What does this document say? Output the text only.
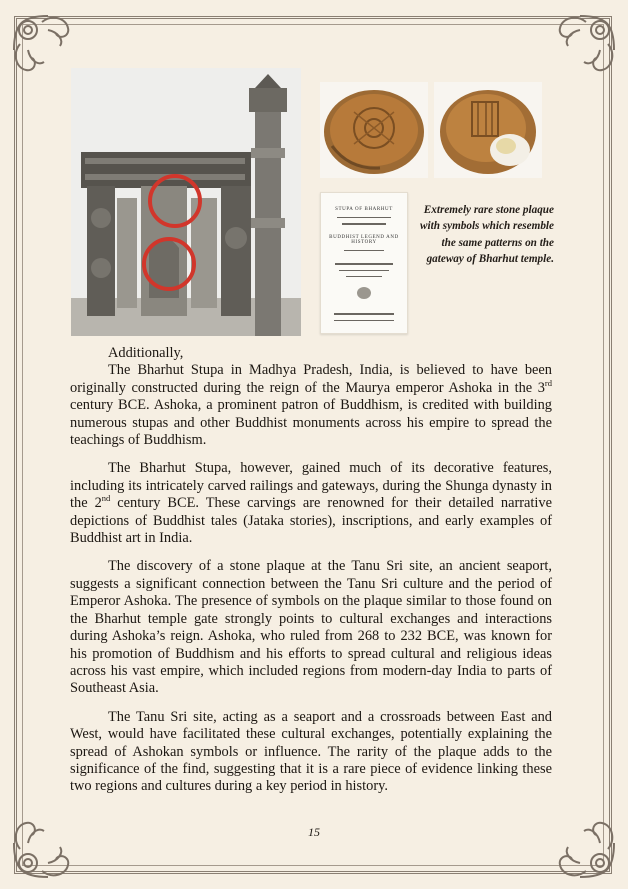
STUPA OF BHARHUT
BUDDHIST LEGEND AND HISTORY
Extremely rare stone plaque with symbols which resemble the same patterns on the gateway of Bharhut temple.

Additionally,

The Bharhut Stupa in Madhya Pradesh, India, is believed to have been originally constructed during the reign of the Maurya emperor Ashoka in the 3rd century BCE. Ashoka, a prominent patron of Buddhism, is credited with building numerous stupas and other Buddhist monuments across his empire to spread the teachings of Buddhism.

The Bharhut Stupa, however, gained much of its decorative features, including its intricately carved railings and gateways, during the Shunga dynasty in the 2nd century BCE. These carvings are renowned for their detailed narrative depictions of Buddhist tales (Jataka stories), inscriptions, and early examples of Buddhist art in India.

The discovery of a stone plaque at the Tanu Sri site, an ancient seaport, suggests a significant connection between the Tanu Sri culture and the period of Emperor Ashoka. The presence of symbols on the plaque similar to those found on the Bharhut temple gate strongly points to cultural exchanges and interactions during Ashoka’s reign. Ashoka, who ruled from 268 to 232 BCE, was known for his promotion of Buddhism and his efforts to spread cultural and religious ideas across his vast empire, which included regions from modern-day India to parts of Southeast Asia.

The Tanu Sri site, acting as a seaport and a crossroads between East and West, would have facilitated these cultural exchanges, potentially explaining the spread of Ashokan symbols or influence. The rarity of the plaque adds to the significance of the find, suggesting that it is a rare piece of evidence linking these two regions and cultures during a key period in history.

15
